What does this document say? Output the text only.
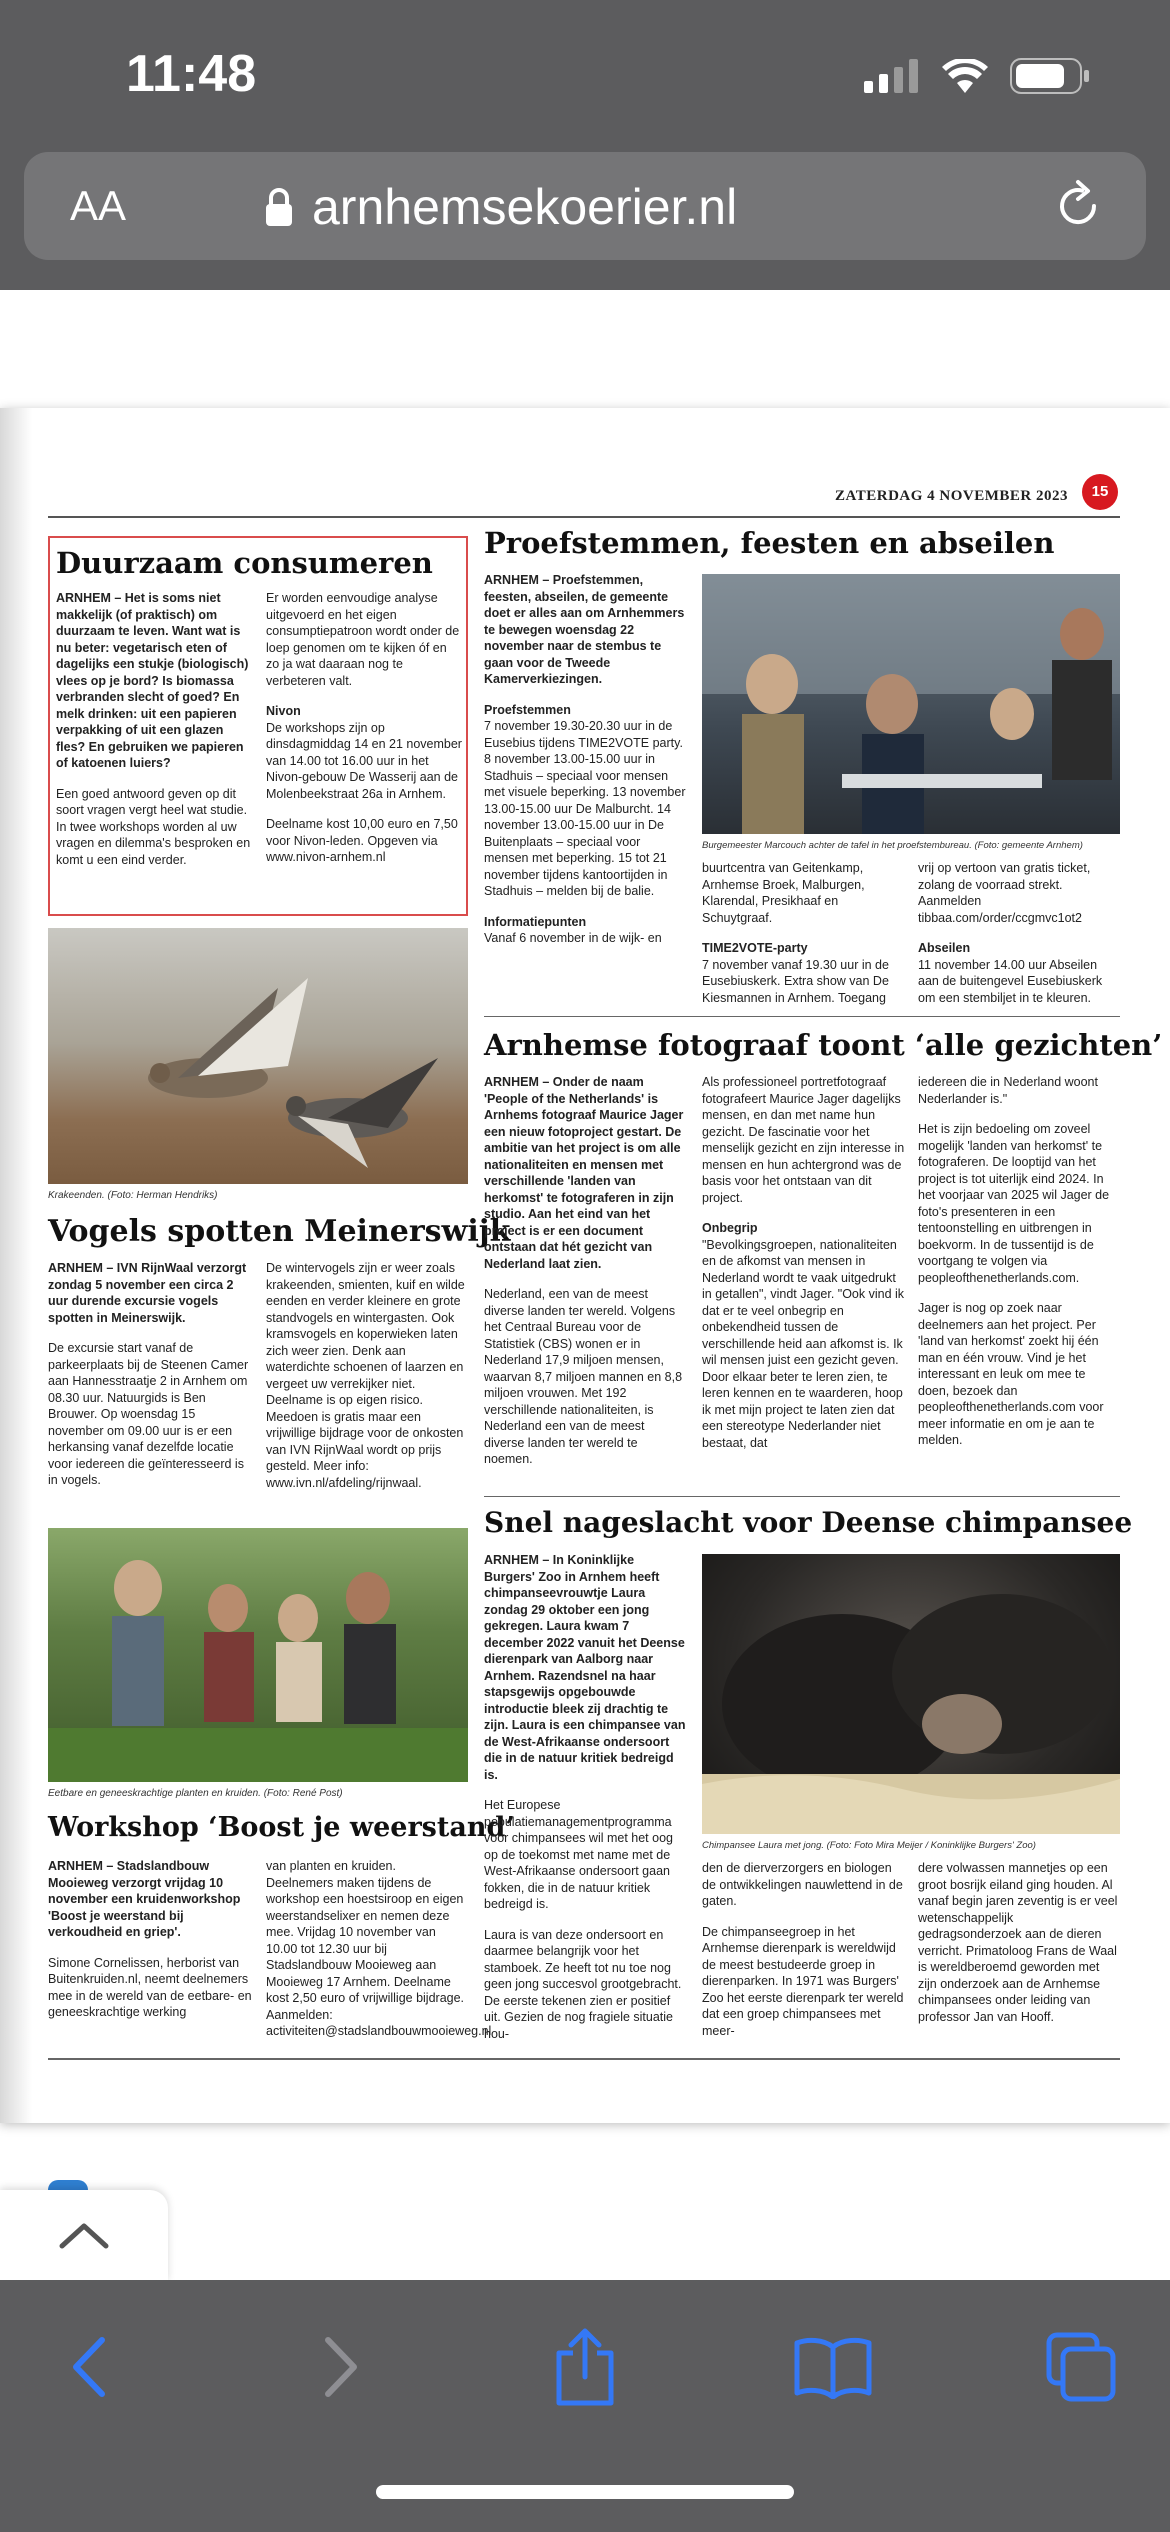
11:48
AA	arnhemsekoerier.nl
ZATERDAG 4 NOVEMBER 2023	15
Duurzaam consumeren

ARNHEM – Het is soms niet makkelijk (of praktisch) om duurzaam te leven. Want wat is nu beter: vegetarisch eten of dagelijks een stukje (biologisch) vlees op je bord? Is biomassa verbranden slecht of goed? En melk drinken: uit een papieren verpakking of uit een glazen fles? En gebruiken we papieren of katoenen luiers?

Een goed antwoord geven op dit soort vragen vergt heel wat studie. In twee workshops worden al uw vragen en dilemma's besproken en komt u een eind verder.

Er worden eenvoudige analyse uitgevoerd en het eigen consumptiepatroon wordt onder de loep genomen om te kijken óf en zo ja wat daaraan nog te verbeteren valt.

Nivon

De workshops zijn op dinsdagmiddag 14 en 21 november van 14.00 tot 16.00 uur in het Nivon-gebouw De Wasserij aan de Molenbeekstraat 26a in Arnhem.

Deelname kost 10,00 euro en 7,50 voor Nivon-leden. Opgeven via www.nivon-arnhem.nl

Krakeenden. (Foto: Herman Hendriks)
Vogels spotten Meinerswijk

ARNHEM – IVN RijnWaal verzorgt zondag 5 november een circa 2 uur durende excursie vogels spotten in Meinerswijk.

De excursie start vanaf de parkeerplaats bij de Steenen Camer aan Hannesstraatje 2 in Arnhem om 08.30 uur. Natuurgids is Ben Brouwer. Op woensdag 15 november om 09.00 uur is er een herkansing vanaf dezelfde locatie voor iedereen die geïnteresseerd is in vogels.

De wintervogels zijn er weer zoals krakeenden, smienten, kuif en wilde eenden en verder kleinere en grote standvogels en wintergasten. Ook kramsvogels en koperwieken laten zich weer zien. Denk aan waterdichte schoenen of laarzen en vergeet uw verrekijker niet. Deelname is op eigen risico. Meedoen is gratis maar een vrijwillige bijdrage voor de onkosten van IVN RijnWaal wordt op prijs gesteld. Meer info: www.ivn.nl/afdeling/rijnwaal.

Eetbare en geneeskrachtige planten en kruiden. (Foto: René Post)
Workshop ‘Boost je weerstand’

ARNHEM – Stadslandbouw Mooieweg verzorgt vrijdag 10 november een kruidenworkshop 'Boost je weerstand bij verkoudheid en griep'.

Simone Cornelissen, herborist van Buitenkruiden.nl, neemt deelnemers mee in de wereld van de eetbare- en geneeskrachtige werking

van planten en kruiden. Deelnemers maken tijdens de workshop een hoestsiroop en eigen weerstandselixer en nemen deze mee. Vrijdag 10 november van 10.00 tot 12.30 uur bij Stadslandbouw Mooieweg aan Mooieweg 17 Arnhem. Deelname kost 2,50 euro of vrijwillige bijdrage. Aanmelden: activiteiten@stadslandbouwmooieweg.nl

Proefstemmen, feesten en abseilen

ARNHEM – Proefstemmen, feesten, abseilen, de gemeente doet er alles aan om Arnhemmers te bewegen woensdag 22 november naar de stembus te gaan voor de Tweede Kamerverkiezingen.

Proefstemmen

7 november 19.30-20.30 uur in de Eusebius tijdens TIME2VOTE party. 8 november 13.00-15.00 uur in Stadhuis – speciaal voor mensen met visuele beperking. 13 november 13.00-15.00 uur De Malburcht. 14 november 13.00-15.00 uur in De Buitenplaats – speciaal voor mensen met beperking. 15 tot 21 november tijdens kantoortijden in Stadhuis – melden bij de balie.

Informatiepunten

Vanaf 6 november in de wijk- en

Burgemeester Marcouch achter de tafel in het proefstembureau. (Foto: gemeente Arnhem)

buurtcentra van Geitenkamp, Arnhemse Broek, Malburgen, Klarendal, Presikhaaf en Schuytgraaf.

TIME2VOTE-party

7 november vanaf 19.30 uur in de Eusebiuskerk. Extra show van De Kiesmannen in Arnhem. Toegang

vrij op vertoon van gratis ticket, zolang de voorraad strekt. Aanmelden tibbaa.com/order/ccgmvc1ot2

Abseilen

11 november 14.00 uur Abseilen aan de buitengevel Eusebiuskerk om een stembiljet in te kleuren.

Arnhemse fotograaf toont ‘alle gezichten’

ARNHEM – Onder de naam 'People of the Netherlands' is Arnhems fotograaf Maurice Jager een nieuw fotoproject gestart. De ambitie van het project is om alle nationaliteiten en mensen met verschillende 'landen van herkomst' te fotograferen in zijn studio. Aan het eind van het project is er een document ontstaan dat hét gezicht van Nederland laat zien.

Nederland, een van de meest diverse landen ter wereld. Volgens het Centraal Bureau voor de Statistiek (CBS) wonen er in Nederland 17,9 miljoen mensen, waarvan 8,7 miljoen mannen en 8,8 miljoen vrouwen. Met 192 verschillende nationaliteiten, is Nederland een van de meest diverse landen ter wereld te noemen.

Als professioneel portretfotograaf fotografeert Maurice Jager dagelijks mensen, en dan met name hun gezicht. De fascinatie voor het menselijk gezicht en zijn interesse in mensen en hun achtergrond was de basis voor het ontstaan van dit project.

Onbegrip

"Bevolkingsgroepen, nationaliteiten en de afkomst van mensen in Nederland wordt te vaak uitgedrukt in getallen", vindt Jager. "Ook vind ik dat er te veel onbegrip en onbekendheid tussen de verschillende heid aan afkomst is. Ik wil mensen juist een gezicht geven. Door elkaar beter te leren zien, te leren kennen en te waarderen, hoop ik met mijn project te laten zien dat een stereotype Nederlander niet bestaat, dat

iedereen die in Nederland woont Nederlander is."

Het is zijn bedoeling om zoveel mogelijk 'landen van herkomst' te fotograferen. De looptijd van het project is tot uiterlijk eind 2024. In het voorjaar van 2025 wil Jager de foto's presenteren in een tentoonstelling en uitbrengen in boekvorm. In de tussentijd is de voortgang te volgen via peopleofthenetherlands.com.

Jager is nog op zoek naar deelnemers aan het project. Per 'land van herkomst' zoekt hij één man en één vrouw. Vind je het interessant en leuk om mee te doen, bezoek dan peopleofthenetherlands.com voor meer informatie en om je aan te melden.

Snel nageslacht voor Deense chimpansee

ARNHEM – In Koninklijke Burgers' Zoo in Arnhem heeft chimpanseevrouwtje Laura zondag 29 oktober een jong gekregen. Laura kwam 7 december 2022 vanuit het Deense dierenpark van Aalborg naar Arnhem. Razendsnel na haar stapsgewijs opgebouwde introductie bleek zij drachtig te zijn. Laura is een chimpansee van de West-Afrikaanse ondersoort die in de natuur kritiek bedreigd is.

Het Europese populatiemanagementprogramma voor chimpansees wil met het oog op de toekomst met name met de West-Afrikaanse ondersoort gaan fokken, die in de natuur kritiek bedreigd is.

Laura is van deze ondersoort en daarmee belangrijk voor het stamboek. Ze heeft tot nu toe nog geen jong succesvol grootgebracht. De eerste tekenen zien er positief uit. Gezien de nog fragiele situatie hou-

Chimpansee Laura met jong. (Foto: Foto Mira Meijer / Koninklijke Burgers' Zoo)

den de dierverzorgers en biologen de ontwikkelingen nauwlettend in de gaten.

De chimpanseegroep in het Arnhemse dierenpark is wereldwijd de meest bestudeerde groep in dierenparken. In 1971 was Burgers' Zoo het eerste dierenpark ter wereld dat een groep chimpansees met meer-

dere volwassen mannetjes op een groot bosrijk eiland ging houden. Al vanaf begin jaren zeventig is er veel wetenschappelijk gedragsonderzoek aan de dieren verricht. Primatoloog Frans de Waal is wereldberoemd geworden met zijn onderzoek aan de Arnhemse chimpansees onder leiding van professor Jan van Hooff.
